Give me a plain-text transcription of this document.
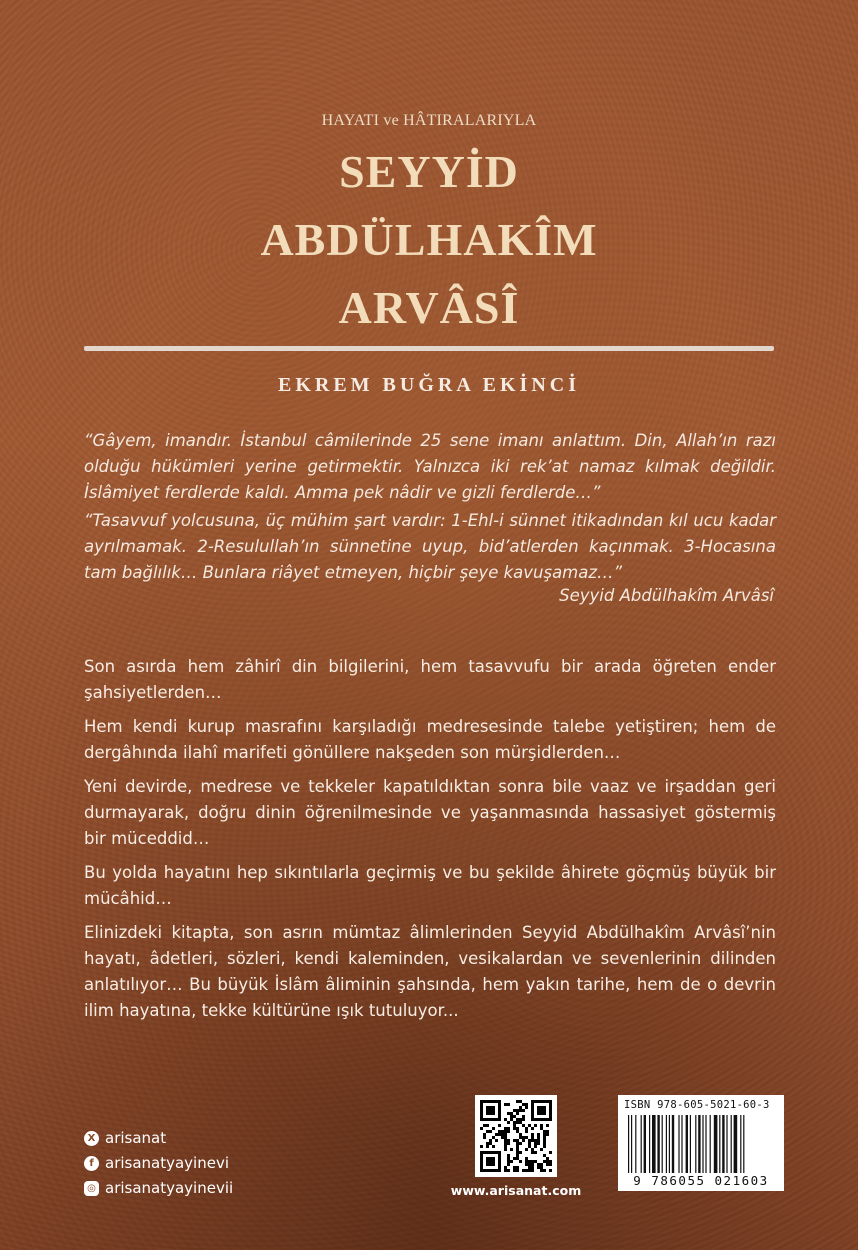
HAYATI ve HÂTIRALARIYLA
SEYYİD
ABDÜLHAKÎM
ARVÂSÎ
EKREM BUĞRA EKİNCİ

“Gâyem, imandır. İstanbul câmilerinde 25 sene imanı anlattım. Din, Allah’ın razı olduğu hükümleri yerine getirmektir. Yalnızca iki rek’at namaz kılmak değildir. İslâmiyet ferdlerde kaldı. Amma pek nâdir ve gizli ferdlerde…”

“Tasavvuf yolcusuna, üç mühim şart vardır: 1-Ehl-i sünnet itikadından kıl ucu kadar ayrılmamak. 2-Resulullah’ın sünnetine uyup, bid’atlerden kaçınmak. 3-Hocasına tam bağlılık… Bunlara riâyet etmeyen, hiçbir şeye kavuşamaz…”

Seyyid Abdülhakîm Arvâsî

Son asırda hem zâhirî din bilgilerini, hem tasavvufu bir arada öğreten ender şahsiyetlerden…

Hem kendi kurup masrafını karşıladığı medresesinde talebe yetiştiren; hem de dergâhında ilahî marifeti gönüllere nakşeden son mürşidlerden…

Yeni devirde, medrese ve tekkeler kapatıldıktan sonra bile vaaz ve irşaddan geri durmayarak, doğru dinin öğrenilmesinde ve yaşanmasında hassasiyet göstermiş bir müceddid…

Bu yolda hayatını hep sıkıntılarla geçirmiş ve bu şekilde âhirete göçmüş büyük bir mücâhid…

Elinizdeki kitapta, son asrın mümtaz âlimlerinden Seyyid Abdülhakîm Arvâsî’nin hayatı, âdetleri, sözleri, kendi kaleminden, vesikalardan ve sevenlerinin dilinden anlatılıyor… Bu büyük İslâm âliminin şahsında, hem yakın tarihe, hem de o devrin ilim hayatına, tekke kültürüne ışık tutuluyor...

X arisanat
f arisanatyayinevi
◎ arisanatyayinevii	www.arisanat.com
ISBN 978-605-5021-60-3
9 786055 021603
